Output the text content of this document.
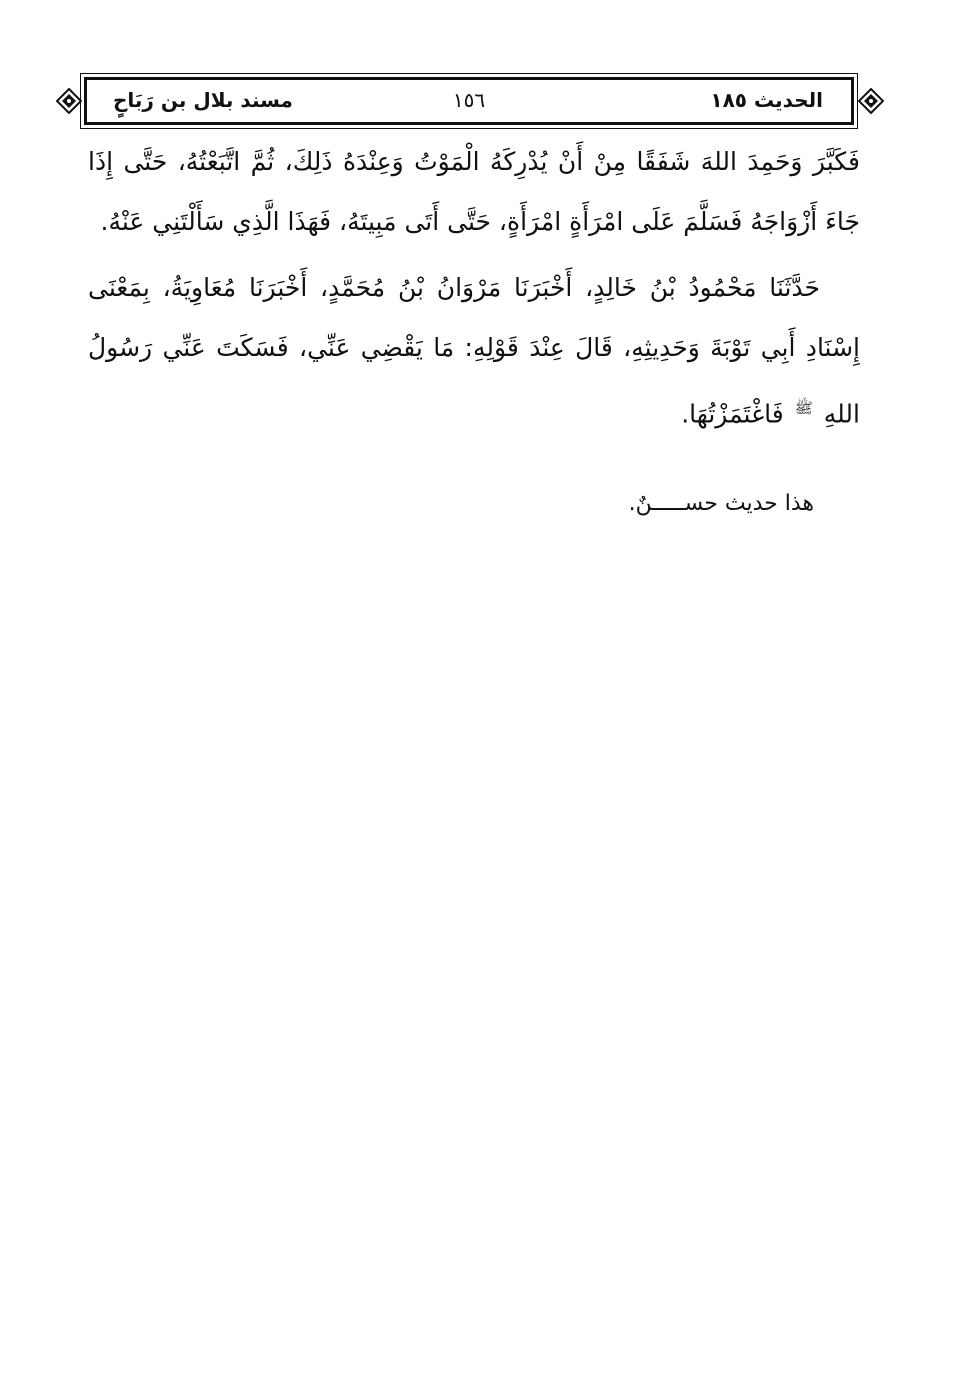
الحديث ١٨٥
١٥٦
مسند بلال بن رَبَاحٍ

فَكَبَّرَ وَحَمِدَ اللهَ شَفَقًا مِنْ أَنْ يُدْرِكَهُ الْمَوْتُ وَعِنْدَهُ ذَلِكَ، ثُمَّ اتَّبَعْتُهُ، حَتَّى إِذَا جَاءَ أَزْوَاجَهُ فَسَلَّمَ عَلَى امْرَأَةٍ امْرَأَةٍ، حَتَّى أَتَى مَبِيتَهُ، فَهَذَا الَّذِي سَأَلْتَنِي عَنْهُ.

حَدَّثَنَا مَحْمُودُ بْنُ خَالِدٍ، أَخْبَرَنَا مَرْوَانُ بْنُ مُحَمَّدٍ، أَخْبَرَنَا مُعَاوِيَةُ، بِمَعْنَى إِسْنَادِ أَبِي تَوْبَةَ وَحَدِيثِهِ، قَالَ عِنْدَ قَوْلِهِ: مَا يَقْضِي عَنِّي، فَسَكَتَ عَنِّي رَسُولُ اللهِ $^ﷺ$ فَاغْتَمَزْتُهَا.

هذا حديث حســـــنٌ.
